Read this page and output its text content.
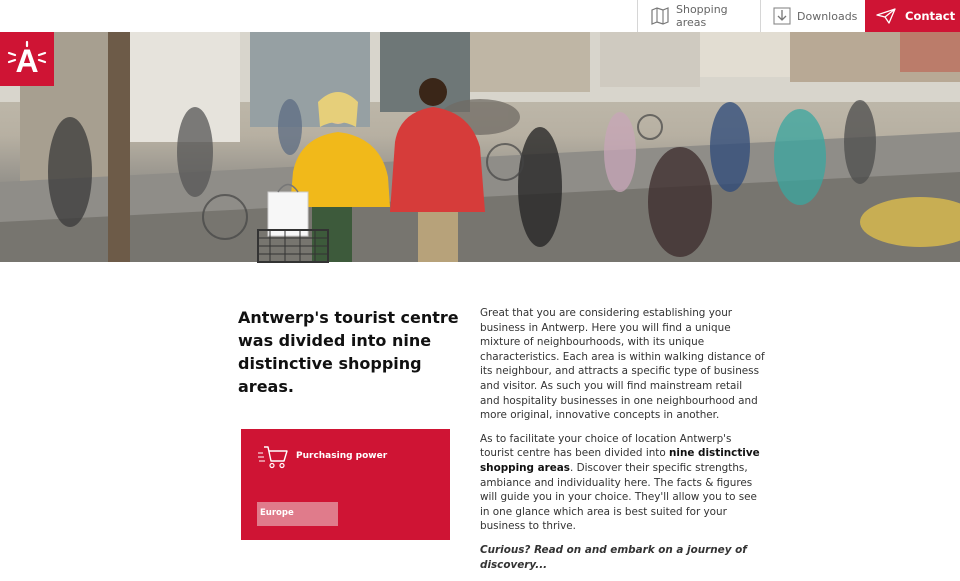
Shopping areas	Downloads	Contact
A
Antwerp's tourist centre was divided into nine distinctive shopping areas.

Great that you are considering establishing your business in Antwerp. Here you will find a unique mixture of neighbourhoods, with its unique characteristics. Each area is within walking distance of its neighbour, and attracts a specific type of business and visitor. As such you will find mainstream retail and hospitality businesses in one neighbourhood and more original, innovative concepts in another.

As to facilitate your choice of location Antwerp's tourist centre has been divided into nine distinctive shopping areas. Discover their specific strengths, ambiance and individuality here. The facts & figures will guide you in your choice. They'll allow you to see in one glance which area is best suited for your business to thrive.

Curious? Read on and embark on a journey of discovery...

Purchasing power
Europe
